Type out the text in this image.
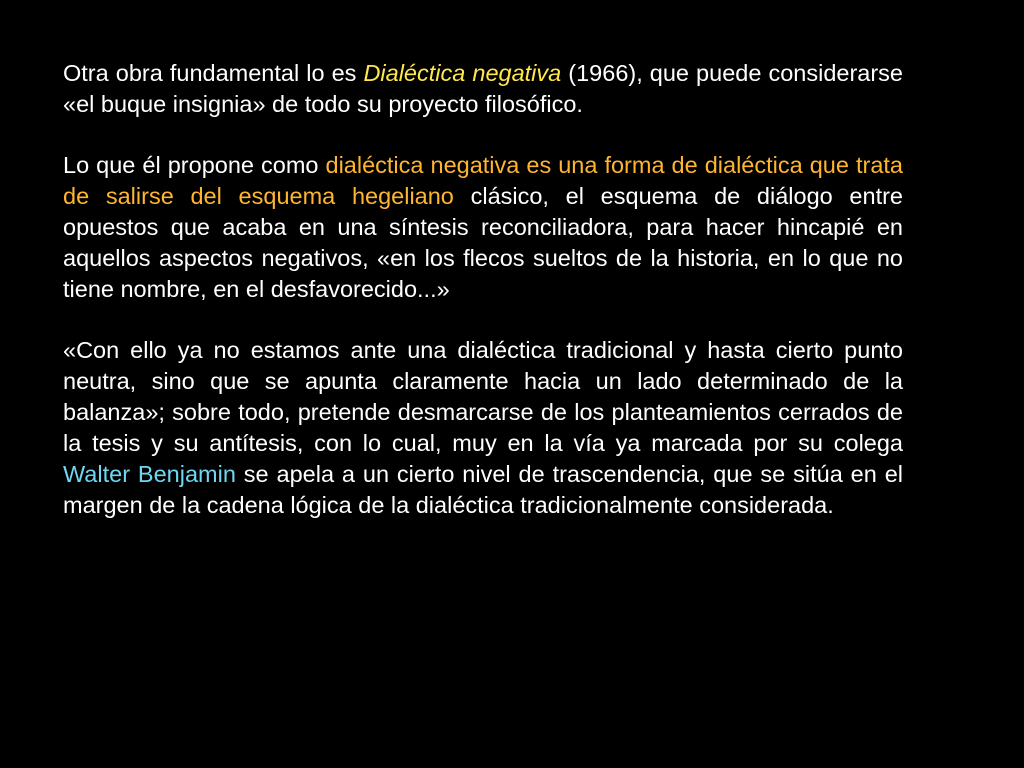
Otra obra fundamental lo es Dialéctica negativa (1966), que puede considerarse «el buque insignia» de todo su proyecto filosófico.

Lo que él propone como dialéctica negativa es una forma de dialéctica que trata de salirse del esquema hegeliano clásico, el esquema de diálogo entre opuestos que acaba en una síntesis reconciliadora, para hacer hincapié en aquellos aspectos negativos, «en los flecos sueltos de la historia, en lo que no tiene nombre, en el desfavorecido...»

«Con ello ya no estamos ante una dialéctica tradicional y hasta cierto punto neutra, sino que se apunta claramente hacia un lado determinado de la balanza»; sobre todo, pretende desmarcarse de los planteamientos cerrados de la tesis y su antítesis, con lo cual, muy en la vía ya marcada por su colega Walter Benjamin se apela a un cierto nivel de trascendencia, que se sitúa en el margen de la cadena lógica de la dialéctica tradicionalmente considerada.
